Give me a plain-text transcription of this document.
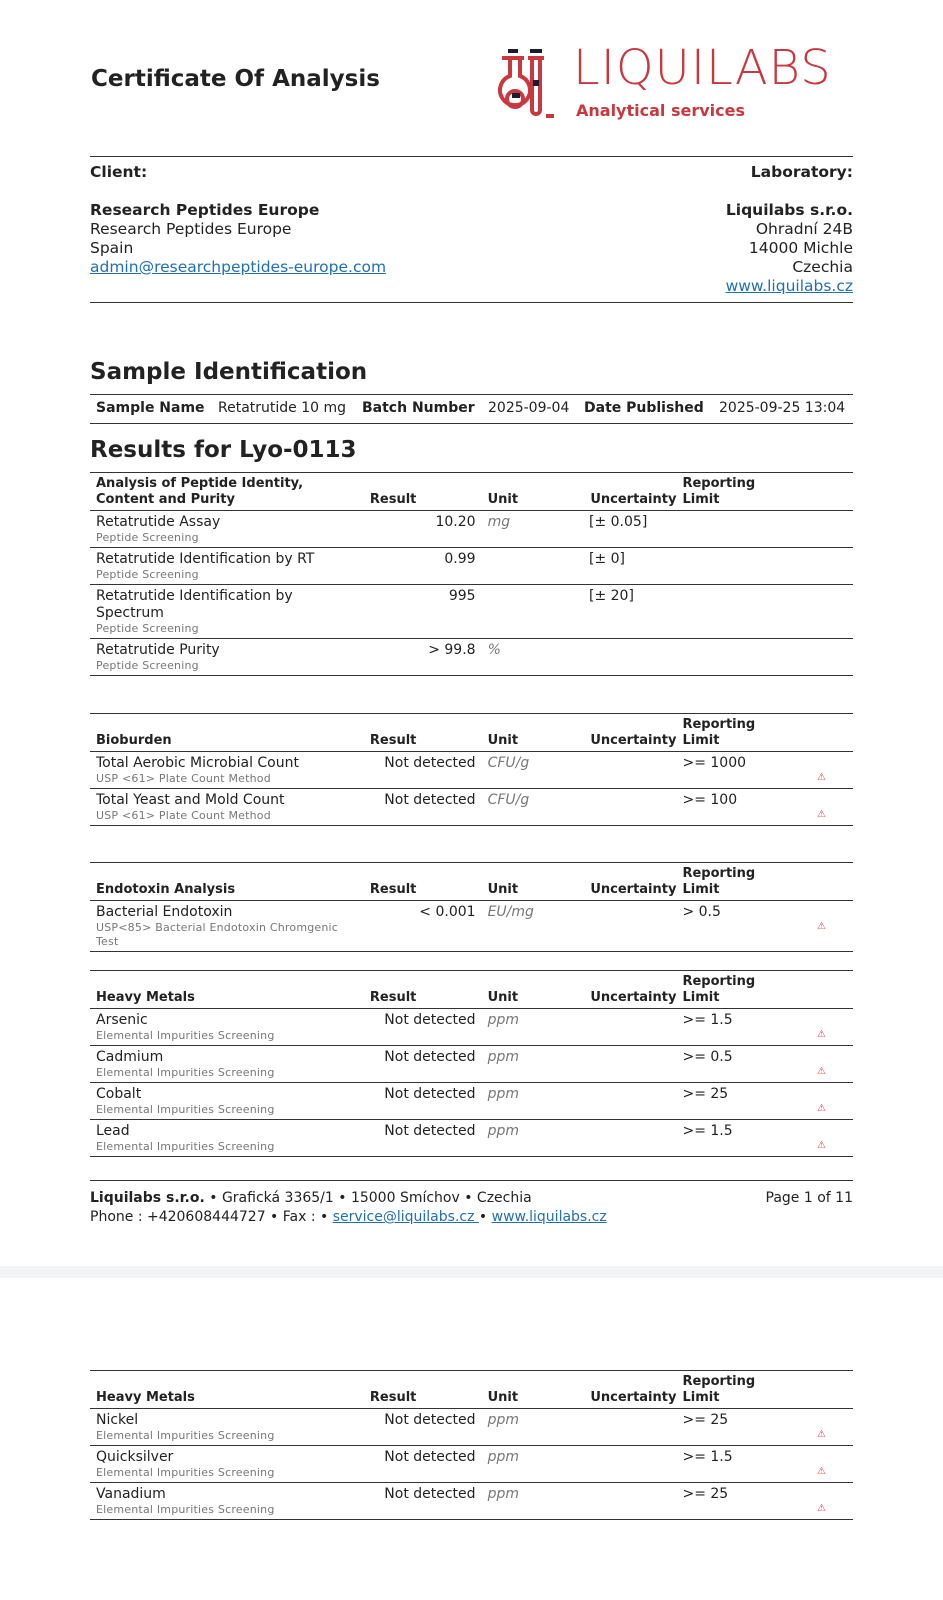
Certificate Of Analysis	LIQUILABS
Analytical services
Client:
Research Peptides Europe
Research Peptides Europe
Spain
admin@researchpeptides-europe.com
Laboratory:
Liquilabs s.r.o.
Ohradní 24B
14000 Michle
Czechia
www.liquilabs.cz
Sample Identification
Sample Name Retatrutide 10 mg Batch Number 2025-09-04 Date Published 2025-09-25 13:04
Results for Lyo-0113
Analysis of Peptide Identity,
Content and Purity	Result	Unit	Uncertainty	Reporting
Limit	
Retatrutide Assay
Peptide Screening	10.20	mg	[± 0.05]		
Retatrutide Identification by RT
Peptide Screening	0.99		[± 0]		
Retatrutide Identification by Spectrum
Peptide Screening	995		[± 20]		
Retatrutide Purity
Peptide Screening	> 99.8	%			
Bioburden	Result	Unit	Uncertainty	Reporting
Limit	
Total Aerobic Microbial Count
USP <61> Plate Count Method	Not detected	CFU/g		>= 1000	⚠

Total Yeast and Mold Count
USP <61> Plate Count Method	Not detected	CFU/g		>= 100	⚠
Endotoxin Analysis	Result	Unit	Uncertainty	Reporting
Limit	
Bacterial Endotoxin
USP<85> Bacterial Endotoxin Chromgenic Test	< 0.001	EU/mg		> 0.5	⚠
Heavy Metals	Result	Unit	Uncertainty	Reporting
Limit	
Arsenic
Elemental Impurities Screening	Not detected	ppm		>= 1.5	⚠

Cadmium
Elemental Impurities Screening	Not detected	ppm		>= 0.5	⚠

Cobalt
Elemental Impurities Screening	Not detected	ppm		>= 25	⚠

Lead
Elemental Impurities Screening	Not detected	ppm		>= 1.5	⚠
Liquilabs s.r.o. • Grafická 3365/1 • 15000 Smíchov • Czechia
Phone : +420608444727 • Fax : • service@liquilabs.cz • www.liquilabs.cz
Page 1 of 11
Heavy Metals	Result	Unit	Uncertainty	Reporting
Limit	
Nickel
Elemental Impurities Screening	Not detected	ppm		>= 25	⚠

Quicksilver
Elemental Impurities Screening	Not detected	ppm		>= 1.5	⚠

Vanadium
Elemental Impurities Screening	Not detected	ppm		>= 25	⚠
